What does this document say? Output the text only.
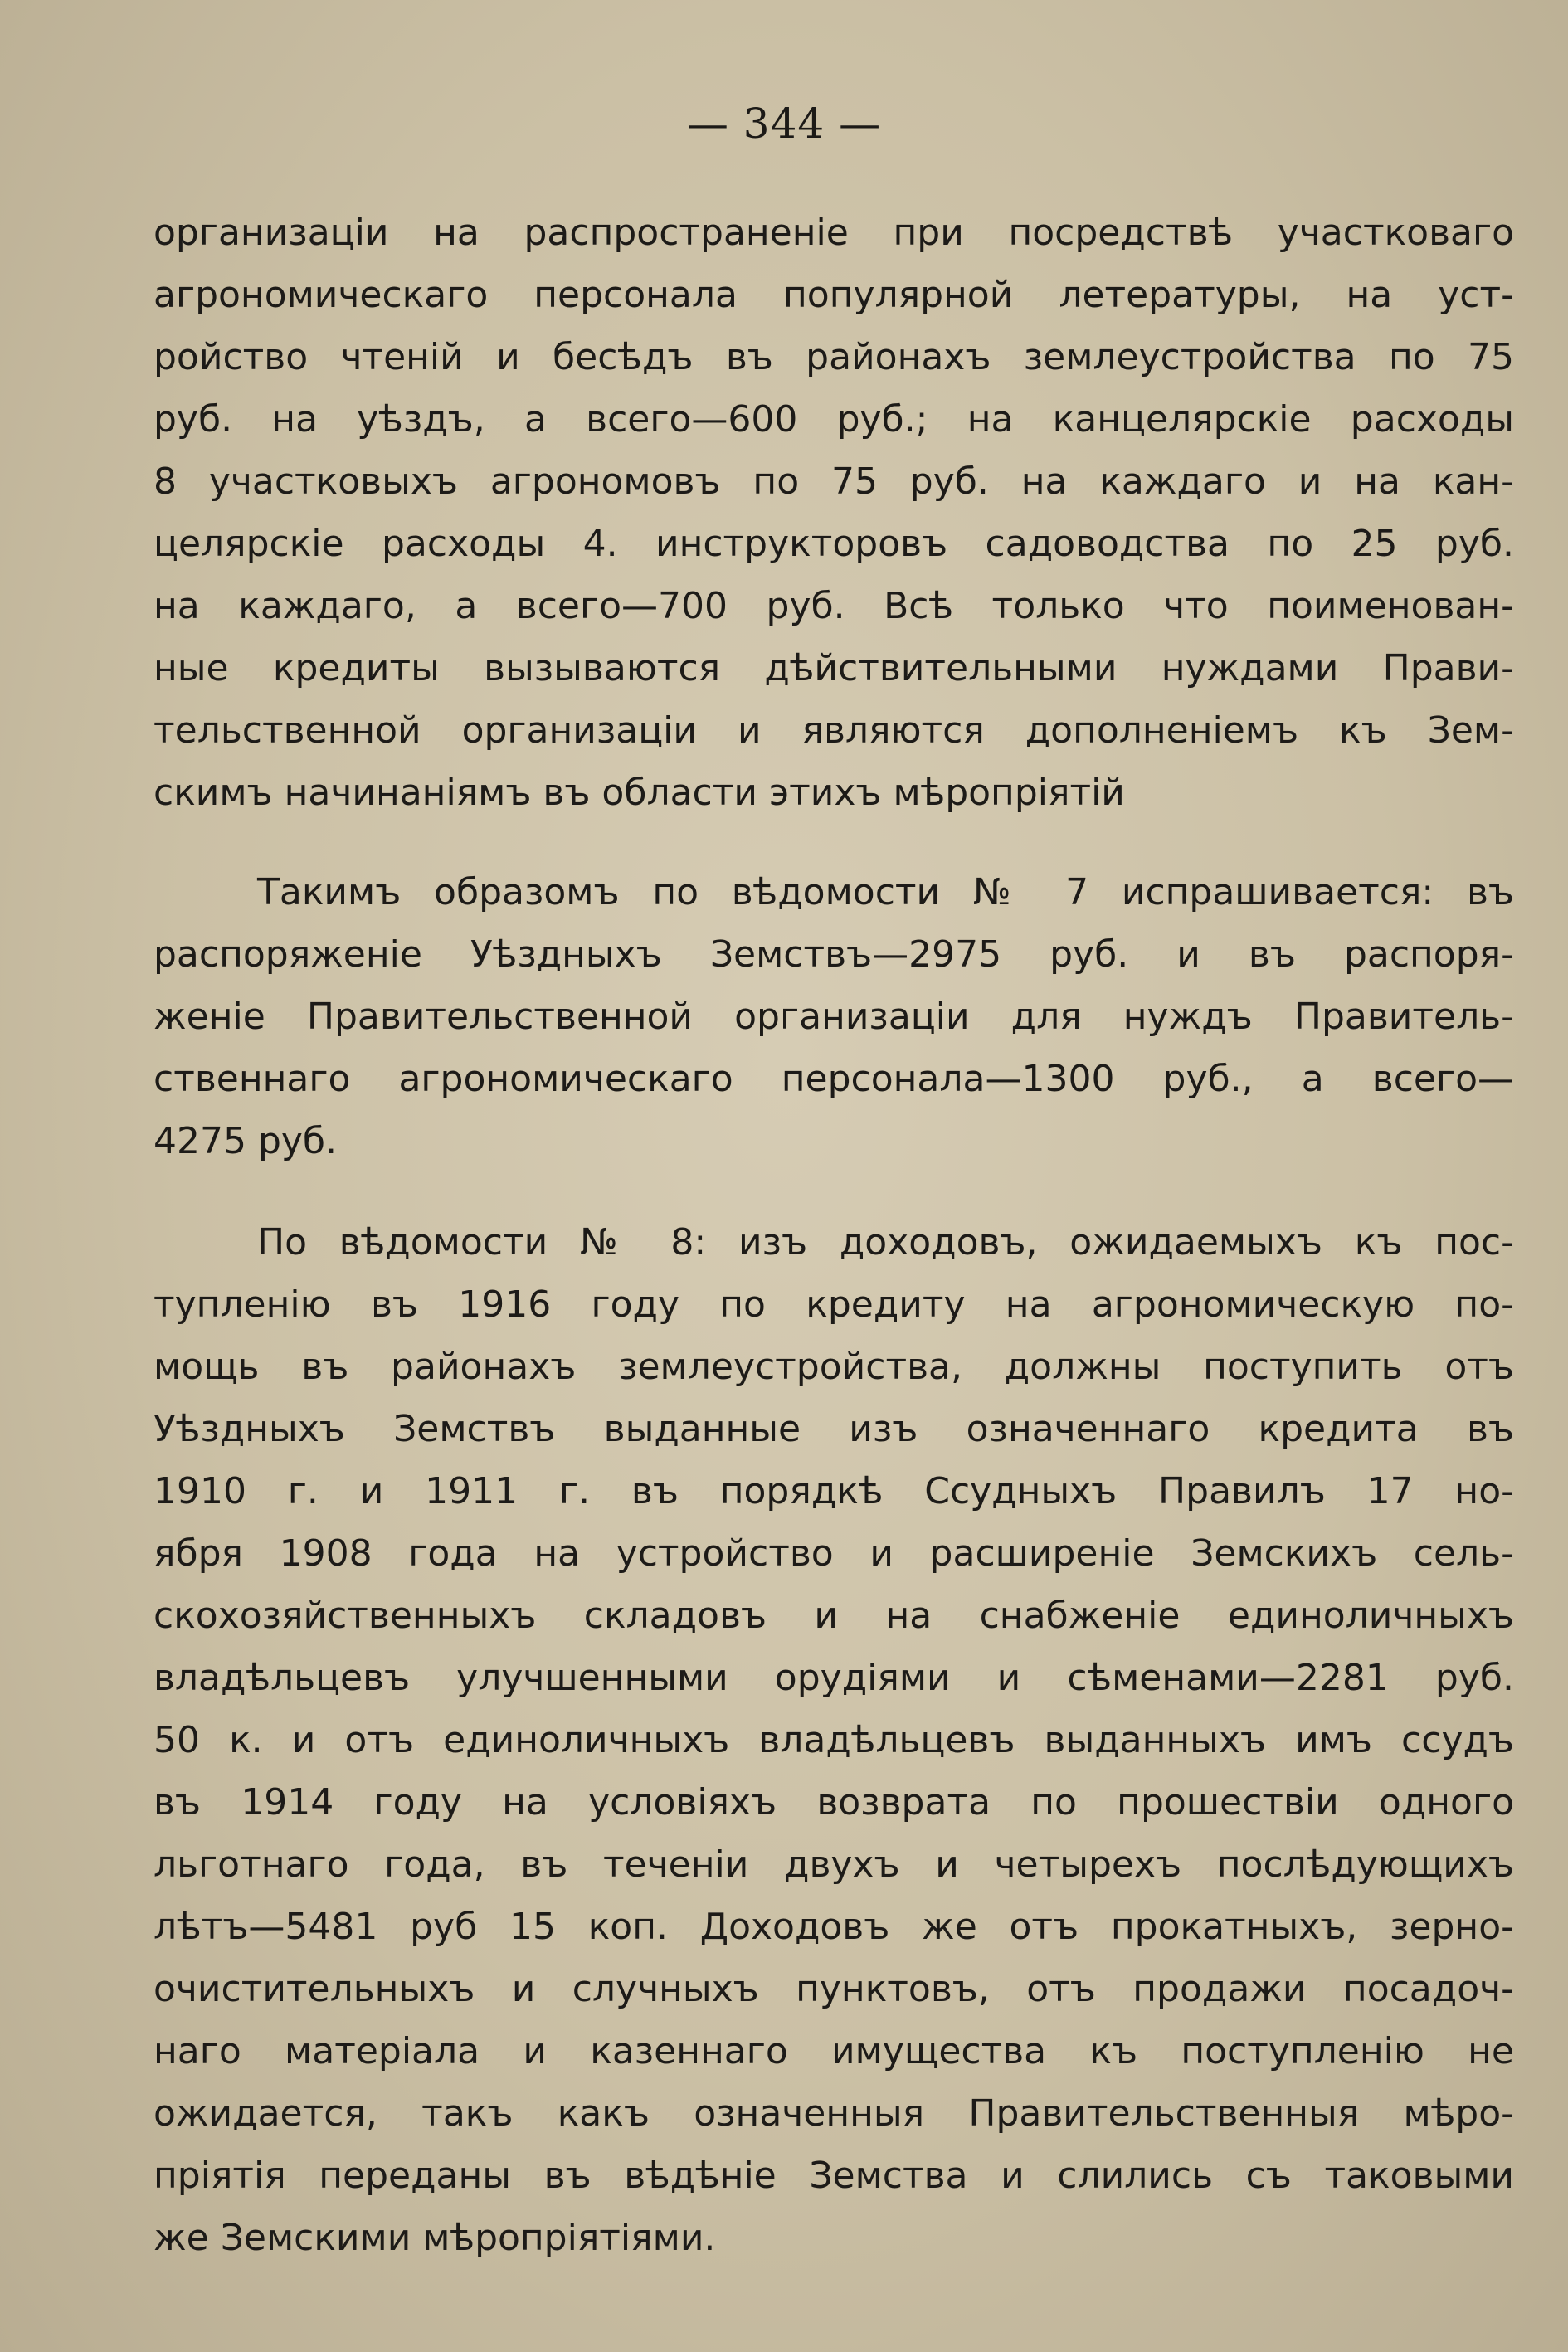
— 344 —
организаціи на распространеніе при посредствѣ участковаго
агрономическаго персонала популярной летературы, на уст-
ройство чтеній и бесѣдъ въ районахъ землеустройства по 75
руб. на уѣздъ, а всего—600 руб.; на канцелярскіе расходы
8 участковыхъ агрономовъ по 75 руб. на каждаго и на кан-
целярскіе расходы 4. инструкторовъ садоводства по 25 руб.
на каждаго, а всего—700 руб. Всѣ только что поименован-
ные кредиты вызываются дѣйствительными нуждами Прави-
тельственной организаціи и являются дополненіемъ къ Зем-
скимъ начинаніямъ въ области этихъ мѣропріятій
Такимъ образомъ по вѣдомости № 7 испрашивается: въ
распоряженіе Уѣздныхъ Земствъ—2975 руб. и въ распоря-
женіе Правительственной организаціи для нуждъ Правитель-
ственнаго агрономическаго персонала—1300 руб., а всего—
4275 руб.
По вѣдомости № 8: изъ доходовъ, ожидаемыхъ къ пос-
тупленію въ 1916 году по кредиту на агрономическую по-
мощь въ районахъ землеустройства, должны поступить отъ
Уѣздныхъ Земствъ выданные изъ означеннаго кредита въ
1910 г. и 1911 г. въ порядкѣ Ссудныхъ Правилъ 17 но-
ября 1908 года на устройство и расширеніе Земскихъ сель-
скохозяйственныхъ складовъ и на снабженіе единоличныхъ
владѣльцевъ улучшенными орудіями и сѣменами—2281 руб.
50 к. и отъ единоличныхъ владѣльцевъ выданныхъ имъ ссудъ
въ 1914 году на условіяхъ возврата по прошествіи одного
льготнаго года, въ теченіи двухъ и четырехъ послѣдующихъ
лѣтъ—5481 руб 15 коп. Доходовъ же отъ прокатныхъ, зерно-
очистительныхъ и случныхъ пунктовъ, отъ продажи посадоч-
наго матеріала и казеннаго имущества къ поступленію не
ожидается, такъ какъ означенныя Правительственныя мѣро-
пріятія переданы въ вѣдѣніе Земства и слились съ таковыми
же Земскими мѣропріятіями.
